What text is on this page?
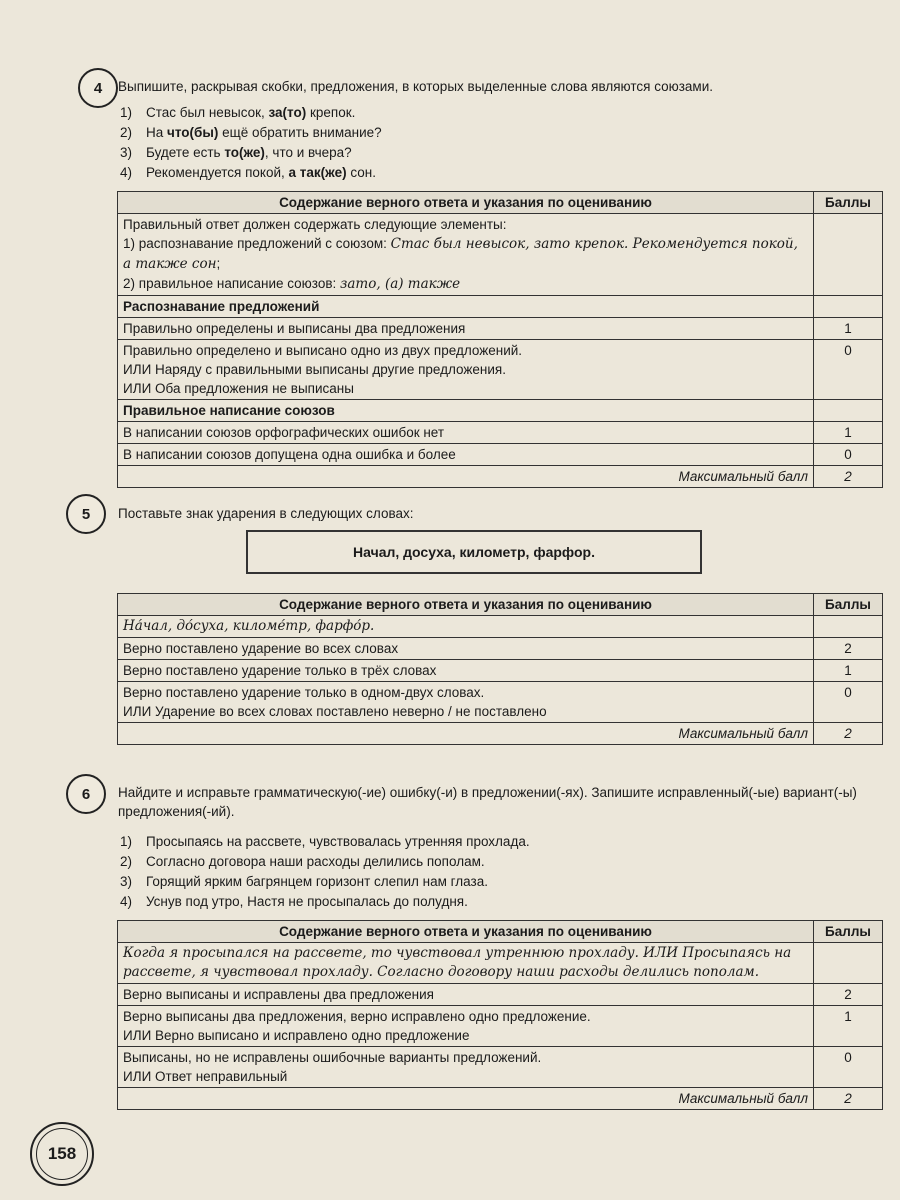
4	Выпишите, раскрывая скобки, предложения, в которых выделенные слова являются союзами.
1)	Стас был невысок, за(то) крепок.
2)	На что(бы) ещё обратить внимание?
3)	Будете есть то(же), что и вчера?
4)	Рекомендуется покой, а так(же) сон.
Содержание верного ответа и указания по оцениванию	Баллы

Правильный ответ должен содержать следующие элементы:
1) распознавание предложений с союзом: Стас был невысок, зато крепок. Рекомендуется покой, а также сон;
2) правильное написание союзов: зато, (а) также	

Распознавание предложений	
Правильно определены и выписаны два предложения	1

Правильно определено и выписано одно из двух предложений.
ИЛИ Наряду с правильными выписаны другие предложения.
ИЛИ Оба предложения не выписаны	0
Правильное написание союзов	
В написании союзов орфографических ошибок нет	1
В написании союзов допущена одна ошибка и более	0
Максимальный балл	2
5	Поставьте знак ударения в следующих словах:
Начал, досуха, километр, фарфор.
Содержание верного ответа и указания по оцениванию	Баллы
На́чал, до́суха, киломе́тр, фарфо́р.	
Верно поставлено ударение во всех словах	2
Верно поставлено ударение только в трёх словах	1

Верно поставлено ударение только в одном-двух словах.
ИЛИ Ударение во всех словах поставлено неверно / не поставлено	0
Максимальный балл	2
6	Найдите и исправьте грамматическую(-ие) ошибку(-и) в предложении(-ях). Запишите исправленный(-ые) вариант(-ы) предложения(-ий).
1)	Просыпаясь на рассвете, чувствовалась утренняя прохлада.
2)	Согласно договора наши расходы делились пополам.
3)	Горящий ярким багрянцем горизонт слепил нам глаза.
4)	Уснув под утро, Настя не просыпалась до полудня.
Содержание верного ответа и указания по оцениванию	Баллы
Когда я просыпался на рассвете, то чувствовал утреннюю прохладу. ИЛИ Просыпаясь на рассвете, я чувствовал прохладу. Согласно договору наши расходы делились пополам.	
Верно выписаны и исправлены два предложения	2

Верно выписаны два предложения, верно исправлено одно предложение.
ИЛИ Верно выписано и исправлено одно предложение	1

Выписаны, но не исправлены ошибочные варианты предложений.
ИЛИ Ответ неправильный	0
Максимальный балл	2
158
